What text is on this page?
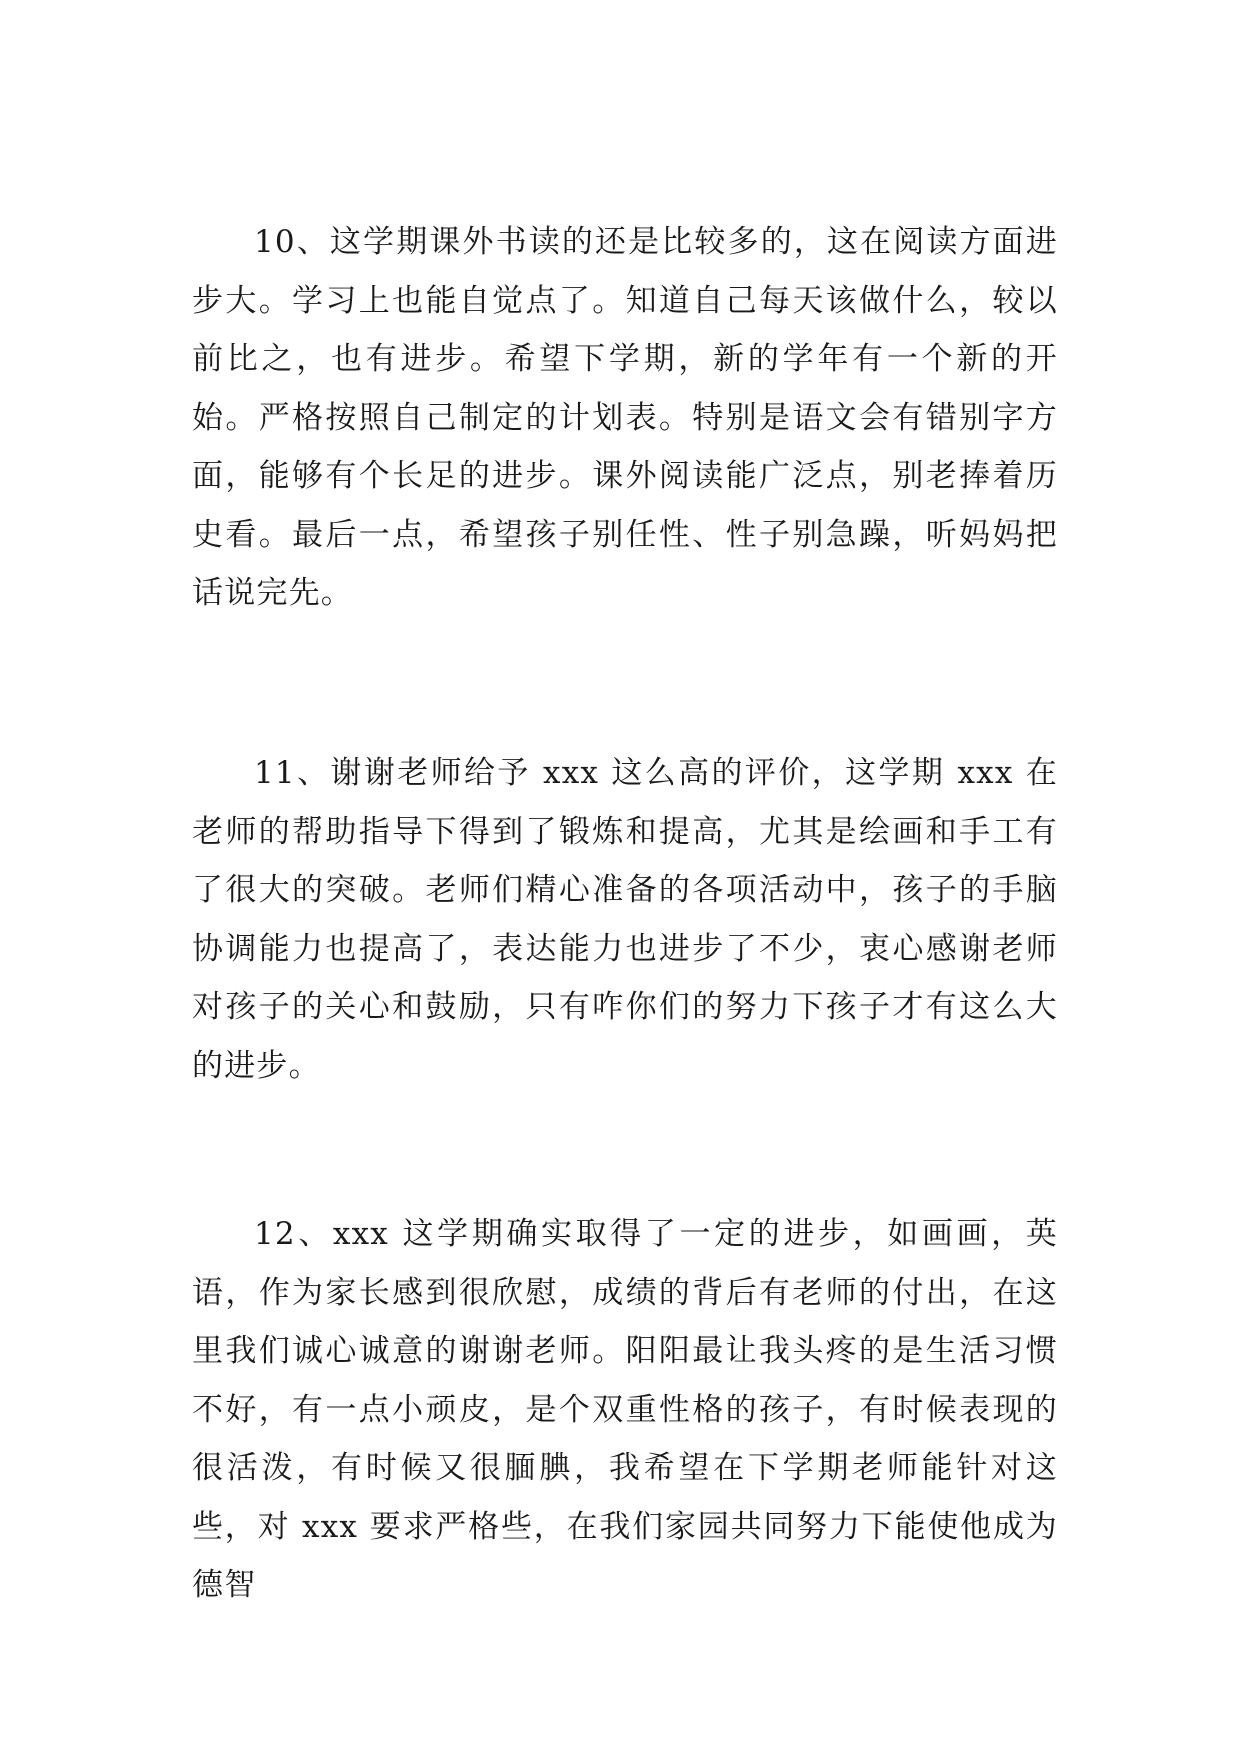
10、这学期课外书读的还是比较多的，这在阅读方面进步大。学习上也能自觉点了。知道自己每天该做什么，较以前比之，也有进步。希望下学期，新的学年有一个新的开始。严格按照自己制定的计划表。特别是语文会有错别字方面，能够有个长足的进步。课外阅读能广泛点，别老捧着历史看。最后一点，希望孩子别任性、性子别急躁，听妈妈把话说完先。

11、谢谢老师给予 xxx 这么高的评价，这学期 xxx 在老师的帮助指导下得到了锻炼和提高，尤其是绘画和手工有了很大的突破。老师们精心准备的各项活动中，孩子的手脑协调能力也提高了，表达能力也进步了不少，衷心感谢老师对孩子的关心和鼓励，只有咋你们的努力下孩子才有这么大的进步。

12、xxx 这学期确实取得了一定的进步，如画画，英语，作为家长感到很欣慰，成绩的背后有老师的付出，在这里我们诚心诚意的谢谢老师。阳阳最让我头疼的是生活习惯不好，有一点小顽皮，是个双重性格的孩子，有时候表现的很活泼，有时候又很腼腆，我希望在下学期老师能针对这些，对 xxx 要求严格些，在我们家园共同努力下能使他成为德智
